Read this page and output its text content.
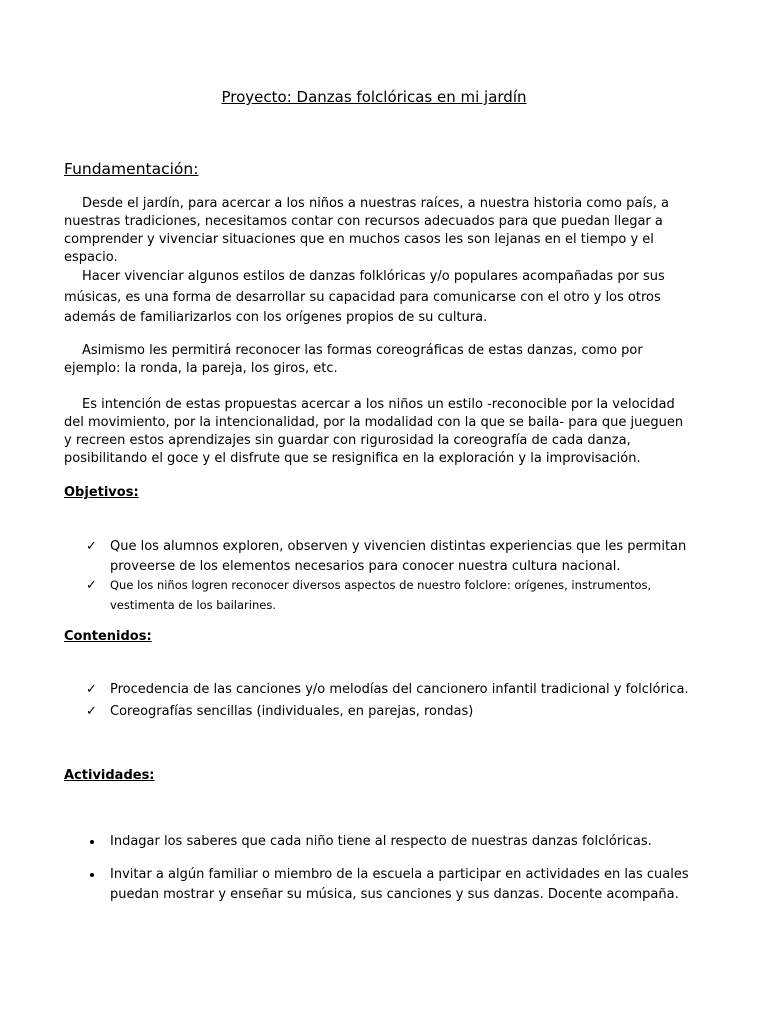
Proyecto: Danzas folclóricas en mi jardín
Fundamentación:

Desde el jardín, para acercar a los niños a nuestras raíces, a nuestra historia como país, a nuestras tradiciones, necesitamos contar con recursos adecuados para que puedan llegar a comprender y vivenciar situaciones que en muchos casos les son lejanas en el tiempo y el espacio.

Hacer vivenciar algunos estilos de danzas folklóricas y/o populares acompañadas por sus músicas, es una forma de desarrollar su capacidad para comunicarse con el otro y los otros además de familiarizarlos con los orígenes propios de su cultura.

Asimismo les permitirá reconocer las formas coreográficas de estas danzas, como por ejemplo: la ronda, la pareja, los giros, etc.

Es intención de estas propuestas acercar a los niños un estilo -reconocible por la velocidad del movimiento, por la intencionalidad, por la modalidad con la que se baila- para que jueguen y recreen estos aprendizajes sin guardar con rigurosidad la coreografía de cada danza, posibilitando el goce y el disfrute que se resignifica en la exploración y la improvisación.

Objetivos:
✓ Que los alumnos exploren, observen y vivencien distintas experiencias que les permitan proveerse de los elementos necesarios para conocer nuestra cultura nacional.
✓ Que los niños logren reconocer diversos aspectos de nuestro folclore: orígenes, instrumentos, vestimenta de los bailarines.
Contenidos:
✓ Procedencia de las canciones y/o melodías del cancionero infantil tradicional y folclórica.
✓ Coreografías sencillas (individuales, en parejas, rondas)
Actividades:
Indagar los saberes que cada niño tiene al respecto de nuestras danzas folclóricas.
Invitar a algún familiar o miembro de la escuela a participar en actividades en las cuales puedan mostrar y enseñar su música, sus canciones y sus danzas. Docente acompaña.
